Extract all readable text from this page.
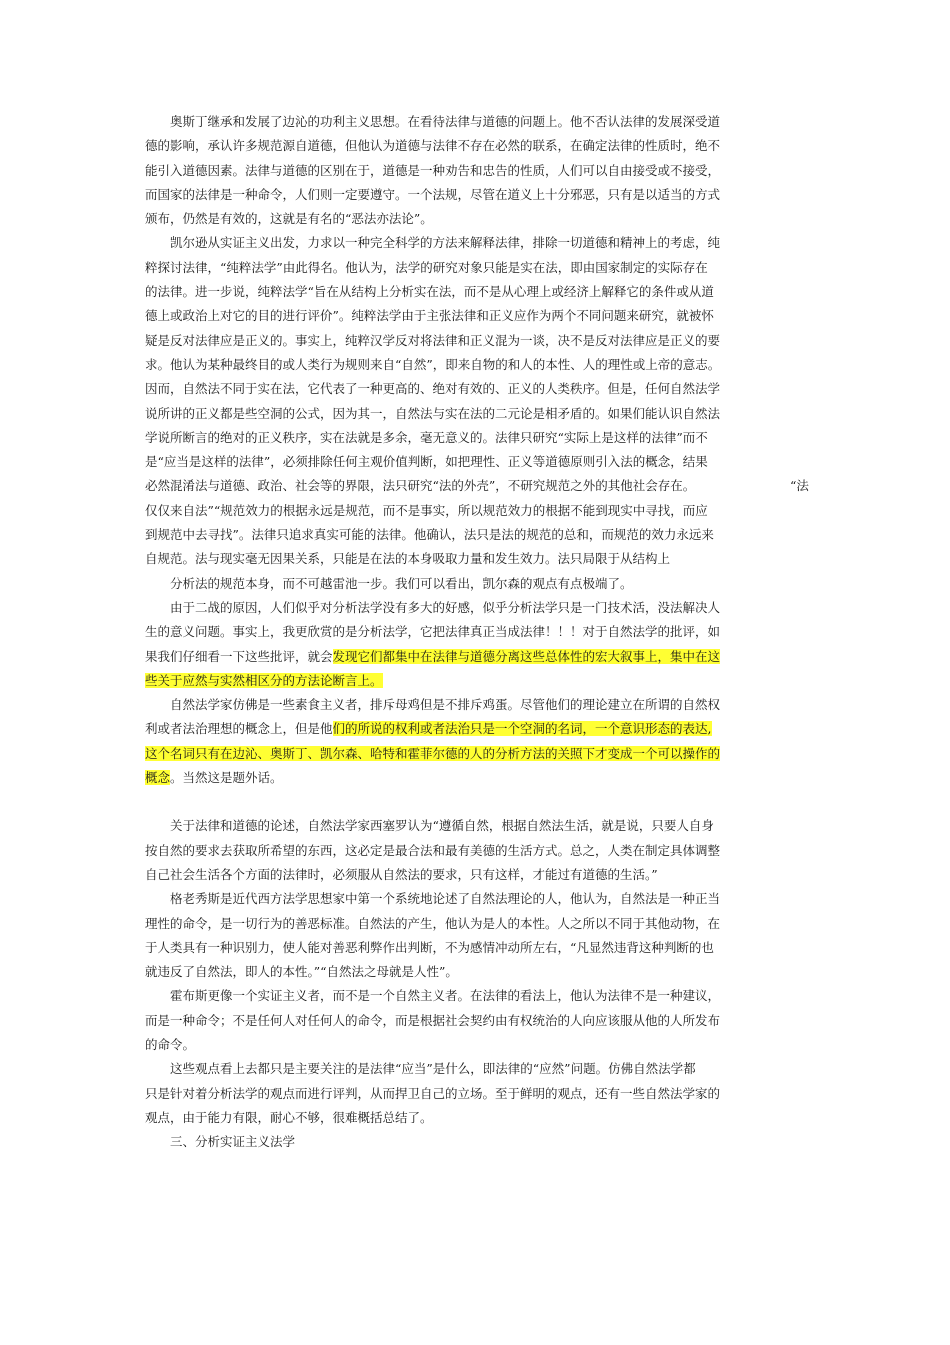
奥斯丁继承和发展了边沁的功利主义思想。在看待法律与道德的问题上。他不否认法律的发展深受道
德的影响，承认许多规范源自道德，但他认为道德与法律不存在必然的联系，在确定法律的性质时，绝不
能引入道德因素。法律与道德的区别在于，道德是一种劝告和忠告的性质，人们可以自由接受或不接受，
而国家的法律是一种命令，人们则一定要遵守。一个法规，尽管在道义上十分邪恶，只有是以适当的方式
颁布，仍然是有效的，这就是有名的“恶法亦法论”。
凯尔逊从实证主义出发，力求以一种完全科学的方法来解释法律，排除一切道德和精神上的考虑，纯
粹探讨法律，“纯粹法学”由此得名。他认为，法学的研究对象只能是实在法，即由国家制定的实际存在
的法律。进一步说，纯粹法学“旨在从结构上分析实在法，而不是从心理上或经济上解释它的条件或从道
德上或政治上对它的目的进行评价”。纯粹法学由于主张法律和正义应作为两个不同问题来研究，就被怀
疑是反对法律应是正义的。事实上，纯粹汉学反对将法律和正义混为一谈，决不是反对法律应是正义的要
求。他认为某种最终目的或人类行为规则来自“自然”，即来自物的和人的本性、人的理性或上帝的意志。
因而，自然法不同于实在法，它代表了一种更高的、绝对有效的、正义的人类秩序。但是，任何自然法学
说所讲的正义都是些空洞的公式，因为其一，自然法与实在法的二元论是相矛盾的。如果们能认识自然法
学说所断言的绝对的正义秩序，实在法就是多余，毫无意义的。法律只研究“实际上是这样的法律”而不
是“应当是这样的法律”，必须排除任何主观价值判断，如把理性、正义等道德原则引入法的概念，结果
必然混淆法与道德、政治、社会等的界限，法只研究“法的外壳”，不研究规范之外的其他社会存在。	“法
仅仅来自法”“规范效力的根据永远是规范，而不是事实，所以规范效力的根据不能到现实中寻找，而应
到规范中去寻找”。法律只追求真实可能的法律。他确认，法只是法的规范的总和，而规范的效力永远来
自规范。法与现实毫无因果关系，只能是在法的本身吸取力量和发生效力。法只局限于从结构上
分析法的规范本身，而不可越雷池一步。我们可以看出，凯尔森的观点有点极端了。
由于二战的原因，人们似乎对分析法学没有多大的好感，似乎分析法学只是一门技术活，没法解决人
生的意义问题。事实上，我更欣赏的是分析法学，它把法律真正当成法律！！！对于自然法学的批评，如
果我们仔细看一下这些批评，就会发现它们都集中在法律与道德分离这些总体性的宏大叙事上，集中在这
些关于应然与实然相区分的方法论断言上。
自然法学家仿佛是一些素食主义者，排斥母鸡但是不排斥鸡蛋。尽管他们的理论建立在所谓的自然权
利或者法治理想的概念上，但是他们的所说的权利或者法治只是一个空洞的名词，一个意识形态的表达,
这个名词只有在边沁、奥斯丁、凯尔森、哈特和霍菲尔德的人的分析方法的关照下才变成一个可以操作的
概念。当然这是题外话。
关于法律和道德的论述，自然法学家西塞罗认为“遵循自然，根据自然法生活，就是说，只要人自身
按自然的要求去获取所希望的东西，这必定是最合法和最有美德的生活方式。总之，人类在制定具体调整
自己社会生活各个方面的法律时，必须服从自然法的要求，只有这样，才能过有道德的生活。”
格老秀斯是近代西方法学思想家中第一个系统地论述了自然法理论的人，他认为，自然法是一种正当
理性的命令，是一切行为的善恶标准。自然法的产生，他认为是人的本性。人之所以不同于其他动物，在
于人类具有一种识别力，使人能对善恶利弊作出判断，不为感情冲动所左右，“凡显然违背这种判断的也
就违反了自然法，即人的本性。”“自然法之母就是人性”。
霍布斯更像一个实证主义者，而不是一个自然主义者。在法律的看法上，他认为法律不是一种建议，
而是一种命令；不是任何人对任何人的命令，而是根据社会契约由有权统治的人向应该服从他的人所发布
的命令。
这些观点看上去都只是主要关注的是法律“应当”是什么，即法律的“应然”问题。仿佛自然法学都
只是针对着分析法学的观点而进行评判，从而捍卫自己的立场。至于鲜明的观点，还有一些自然法学家的
观点，由于能力有限，耐心不够，很难概括总结了。
三、分析实证主义法学
